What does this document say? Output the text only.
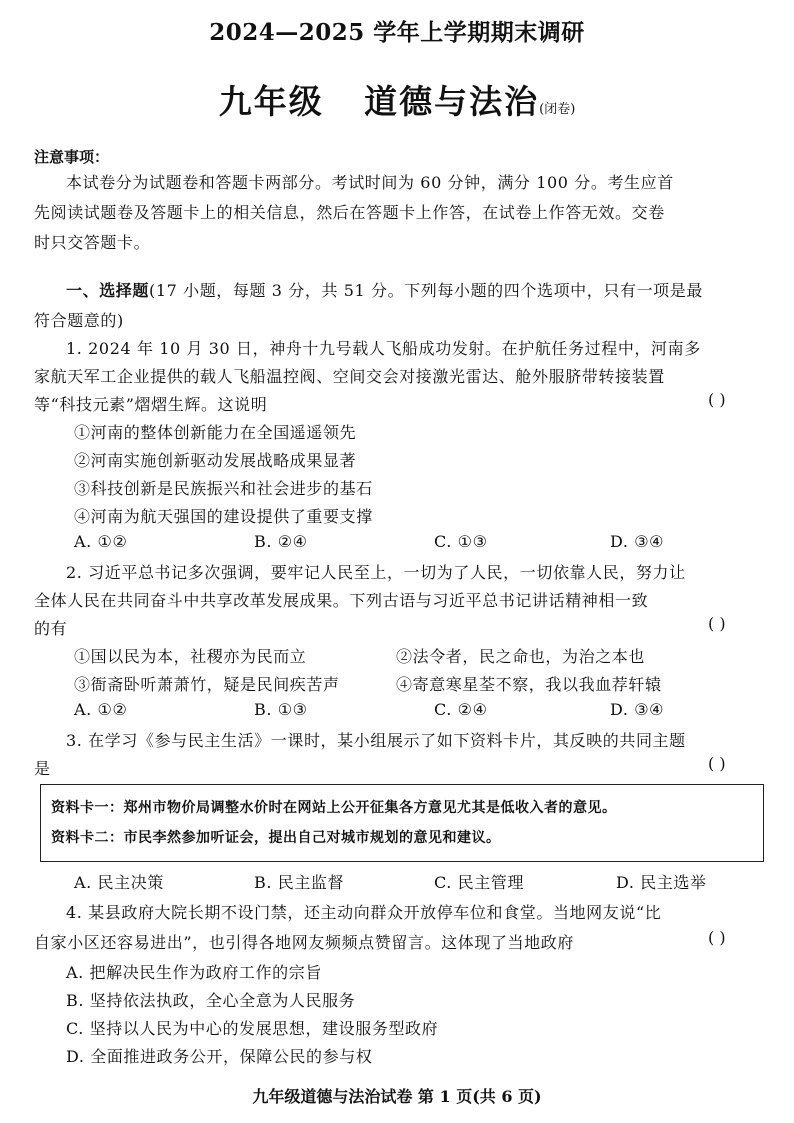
2024—2025 学年上学期期末调研
九年级 道德与法治(闭卷)
注意事项：
本试卷分为试题卷和答题卡两部分。考试时间为 60 分钟，满分 100 分。考生应首
先阅读试题卷及答题卡上的相关信息，然后在答题卡上作答，在试卷上作答无效。交卷
时只交答题卡。
一、选择题(17 小题，每题 3 分，共 51 分。下列每小题的四个选项中，只有一项是最
符合题意的)
1. 2024 年 10 月 30 日，神舟十九号载人飞船成功发射。在护航任务过程中，河南多
家航天军工企业提供的载人飞船温控阀、空间交会对接激光雷达、舱外服脐带转接装置
等“科技元素”熠熠生辉。这说明	( )
①河南的整体创新能力在全国遥遥领先
②河南实施创新驱动发展战略成果显著
③科技创新是民族振兴和社会进步的基石
④河南为航天强国的建设提供了重要支撑
A. ①②	B. ②④	C. ①③	D. ③④
2. 习近平总书记多次强调，要牢记人民至上，一切为了人民，一切依靠人民，努力让
全体人民在共同奋斗中共享改革发展成果。下列古语与习近平总书记讲话精神相一致
的有	( )
①国以民为本，社稷亦为民而立	②法令者，民之命也，为治之本也
③衙斋卧听萧萧竹，疑是民间疾苦声	④寄意寒星荃不察，我以我血荐轩辕
A. ①②	B. ①③	C. ②④	D. ③④
3. 在学习《参与民主生活》一课时，某小组展示了如下资料卡片，其反映的共同主题
是	( )
资料卡一：郑州市物价局调整水价时在网站上公开征集各方意见尤其是低收入者的意见。
资料卡二：市民李然参加听证会，提出自己对城市规划的意见和建议。
A. 民主决策	B. 民主监督	C. 民主管理	D. 民主选举
4. 某县政府大院长期不设门禁，还主动向群众开放停车位和食堂。当地网友说“比
自家小区还容易进出”，也引得各地网友频频点赞留言。这体现了当地政府	( )
A. 把解决民生作为政府工作的宗旨
B. 坚持依法执政，全心全意为人民服务
C. 坚持以人民为中心的发展思想，建设服务型政府
D. 全面推进政务公开，保障公民的参与权
九年级道德与法治试卷 第 1 页(共 6 页)
